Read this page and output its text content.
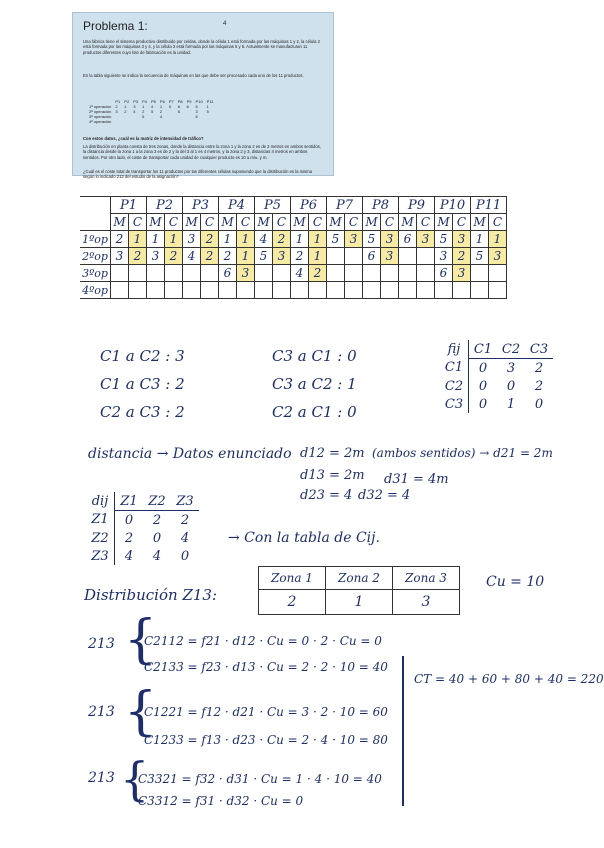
Problema 1:	4
Una fábrica tiene el sistema productivo distribuido por celdas, donde la célula 1 está formada por las máquinas 1 y 2, la célula 2 está formada por las máquinas 3 y 4, y la célula 3 está formada por las máquinas 5 y 6. Actualmente se manufacturan 11 productos diferentes cuyo lote de fabricación es la unidad.
En la tabla siguiente se indica la secuencia de máquinas en las que debe ser procesado cada uno de los 11 productos.
	P1	P2	P3	P4	P5	P6	P7	P8	P9	P10	P11
1ª operación	2	1	3	1	4	1	5	6	6	5	1
2ª operación	3	2	4	2	5	2		6		3	5
3ª operación				5		4				6	
4ª operación											
Con estos datos, ¿cuál es la matriz de intensidad de tráfico?
La distribución en planta consta de tres zonas, donde la distancia entre la zona 1 y la zona 2 es de 2 metros en ambos sentidos, la distancia desde la zona 1 a la zona 3 es de 2 y la del 3 al 1 es 4 metros, y la zona 2 y 3, distancias 4 metros en ambos sentidos. Por otro lado, el coste de transportar cada unidad de cualquier producto es 10 u.m/u. y m.
¿Cuál es el coste total de transportar los 11 productos por las diferentes células suponiendo que la distribución es la misma según lo indicado 213 del estudio de la asignación?
	P1		P2		P3		P4		P5		P6		P7		P8		P9		P10		P11	
	M	C	M	C	M	C	M	C	M	C	M	C	M	C	M	C	M	C	M	C	M	C
1ºop	2	1	1	1	3	2	1	1	4	2	1	1	5	3	5	3	6	3	5	3	1	1
2ºop	3	2	3	2	4	2	2	1	5	3	2	1			6	3			3	2	5	3
3ºop							6	3			4	2							6	3		
4ºop																						
C1 a C2 : 3
C1 a C3 : 2
C2 a C3 : 2
C3 a C1 : 0
C3 a C2 : 1
C2 a C1 : 0
fij	C1	C2	C3
C1	0	3	2
C2	0	0	2
C3	0	1	0
distancia → Datos enunciado d12 = 2m (ambos sentidos) → d21 = 2m
d13 = 2m d31 = 4m
d23 = 4 d32 = 4
dij	Z1	Z2	Z3
Z1	0	2	2
Z2	2	0	4
Z3	4	4	0
→ Con la tabla de Cij.
Distribución Z13:
Zona 1	Zona 2	Zona 3
2	1	3
Cu = 10
213 {
C2112 = f21 · d12 · Cu = 0 · 2 · Cu = 0
C2133 = f23 · d13 · Cu = 2 · 2 · 10 = 40
213 {
C1221 = f12 · d21 · Cu = 3 · 2 · 10 = 60
C1233 = f13 · d23 · Cu = 2 · 4 · 10 = 80
213 {
C3321 = f32 · d31 · Cu = 1 · 4 · 10 = 40
C3312 = f31 · d32 · Cu = 0
CT = 40 + 60 + 80 + 40 = 220
